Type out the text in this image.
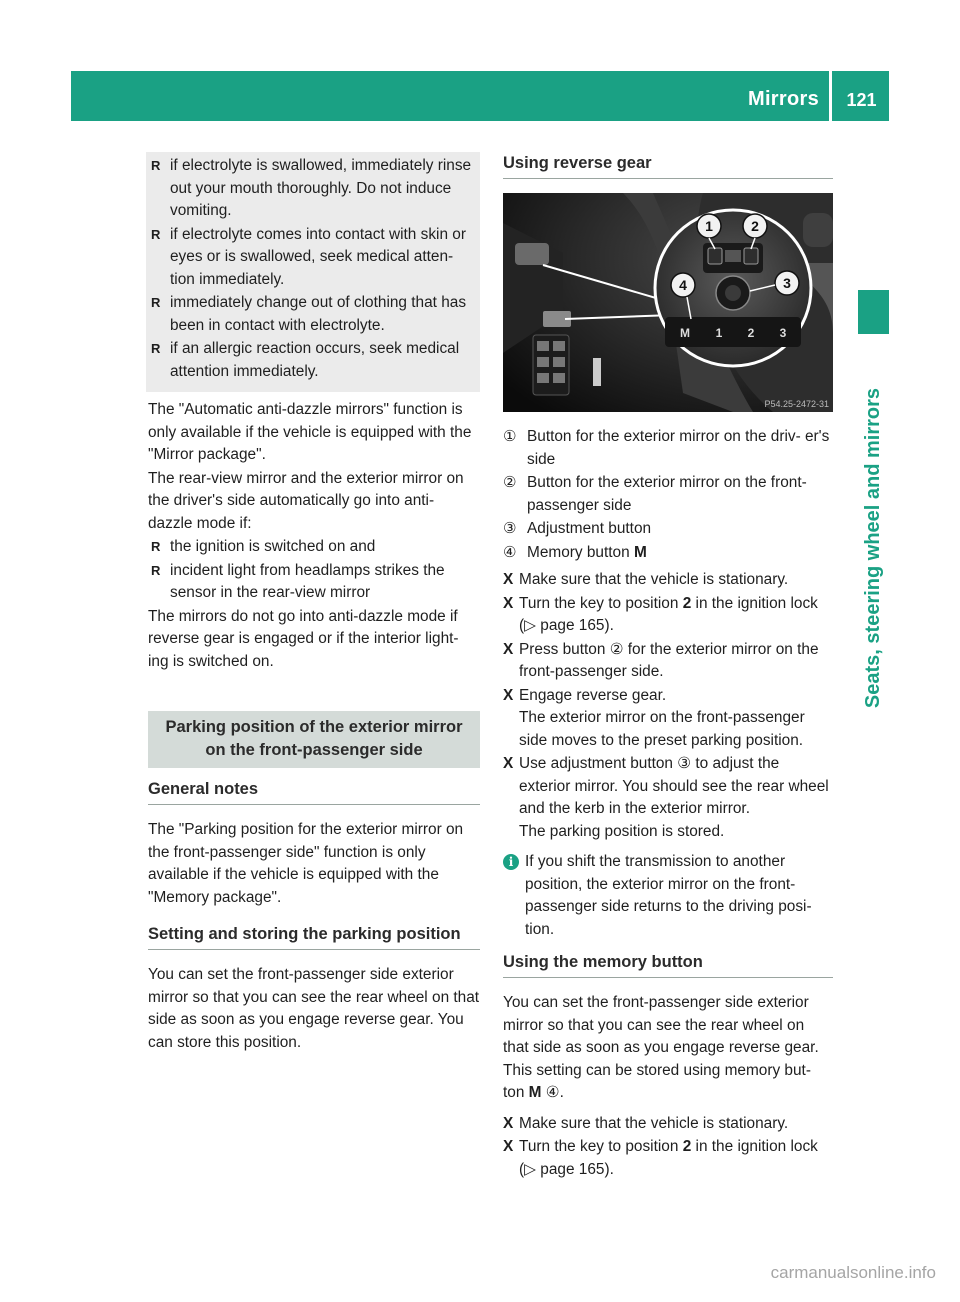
Mirrors	121
Seats, steering wheel and mirrors
R if electrolyte is swallowed, immediately rinse out your mouth thoroughly. Do not induce vomiting.
R if electrolyte comes into contact with skin or eyes or is swallowed, seek medical atten- tion immediately.
R immediately change out of clothing that has been in contact with electrolyte.
R if an allergic reaction occurs, seek medical attention immediately.

The "Automatic anti-dazzle mirrors" function is only available if the vehicle is equipped with the "Mirror package".

The rear-view mirror and the exterior mirror on the driver's side automatically go into anti- dazzle mode if:

R the ignition is switched on and
R incident light from headlamps strikes the sensor in the rear-view mirror

The mirrors do not go into anti-dazzle mode if reverse gear is engaged or if the interior light- ing is switched on.

Parking position of the exterior mirror on the front-passenger side
General notes

The "Parking position for the exterior mirror on the front-passenger side" function is only available if the vehicle is equipped with the "Memory package".

Setting and storing the parking position

You can set the front-passenger side exterior mirror so that you can see the rear wheel on that side as soon as you engage reverse gear. You can store this position.

Using reverse gear
1	2
3
4
M 1 2 3
P54.25-2472-31
① Button for the exterior mirror on the driv- er's side
② Button for the exterior mirror on the front- passenger side
③ Adjustment button
④ Memory button M
X Make sure that the vehicle is stationary.
X Turn the key to position 2 in the ignition lock (▷ page 165).
X Press button ② for the exterior mirror on the front-passenger side.
X Engage reverse gear.
The exterior mirror on the front-passenger side moves to the preset parking position.
X Use adjustment button ③ to adjust the exterior mirror. You should see the rear wheel and the kerb in the exterior mirror.
The parking position is stored.
i If you shift the transmission to another position, the exterior mirror on the front- passenger side returns to the driving posi- tion.
Using the memory button

You can set the front-passenger side exterior mirror so that you can see the rear wheel on that side as soon as you engage reverse gear. This setting can be stored using memory but- ton M ④.

X Make sure that the vehicle is stationary.
X Turn the key to position 2 in the ignition lock (▷ page 165).
carmanualsonline.info
